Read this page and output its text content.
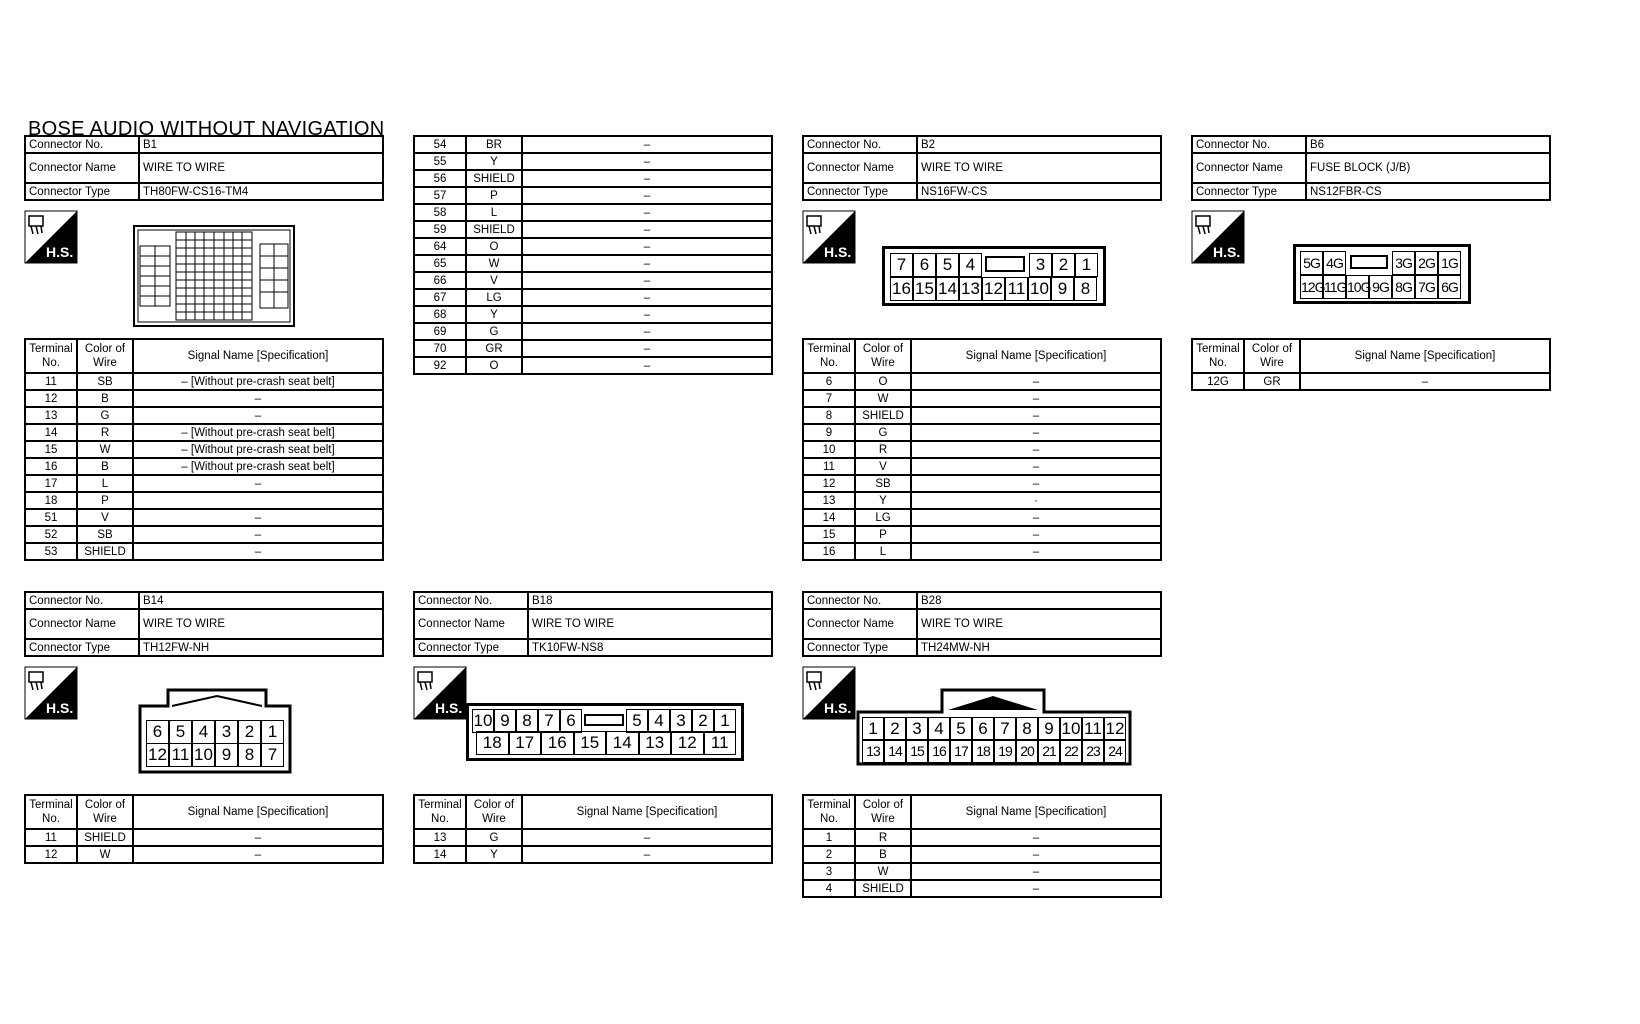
BOSE AUDIO WITHOUT NAVIGATION
Connector No.	B1
Connector Name	WIRE TO WIRE
Connector Type	TH80FW-CS16-TM4
H.S.
Terminal No.	Color of Wire	Signal Name [Specification]
11	SB	– [Without pre-crash seat belt]
12	B	–
13	G	–
14	R	– [Without pre-crash seat belt]
15	W	– [Without pre-crash seat belt]
16	B	– [Without pre-crash seat belt]
17	L	–
18	P	
51	V	–
52	SB	–
53	SHIELD	–
54	BR	–
55	Y	–
56	SHIELD	–
57	P	–
58	L	–
59	SHIELD	–
64	O	–
65	W	–
66	V	–
67	LG	–
68	Y	–
69	G	–
70	GR	–
92	O	–
Connector No.	B2
Connector Name	WIRE TO WIRE
Connector Type	NS16FW-CS
H.S.
7 6 5 4	3 2 1
16 15 14 13 12 11 10 9 8
Terminal No.	Color of Wire	Signal Name [Specification]
6	O	–
7	W	–
8	SHIELD	–
9	G	–
10	R	–
11	V	–
12	SB	–
13	Y	·
14	LG	–
15	P	–
16	L	–
Connector No.	B6
Connector Name	FUSE BLOCK (J/B)
Connector Type	NS12FBR-CS
H.S.
5G 4G	3G 2G 1G
12G 11G 10G 9G 8G 7G 6G
Terminal No.	Color of Wire	Signal Name [Specification]
12G	GR	–
Connector No.	B14
Connector Name	WIRE TO WIRE
Connector Type	TH12FW-NH
H.S.
6 5 4 3 2 1
12 11 10 9 8 7
Terminal No.	Color of Wire	Signal Name [Specification]
11	SHIELD	–
12	W	–
Connector No.	B18
Connector Name	WIRE TO WIRE
Connector Type	TK10FW-NS8
H.S.
10 9 8 7 6	5 4 3 2 1
18 17 16 15 14 13 12 11
Terminal No.	Color of Wire	Signal Name [Specification]
13	G	–
14	Y	–
Connector No.	B28
Connector Name	WIRE TO WIRE
Connector Type	TH24MW-NH
H.S.
1 2 3 4 5 6 7 8 9 10 11 12
13 14 15 16 17 18 19 20 21 22 23 24
Terminal No.	Color of Wire	Signal Name [Specification]
1	R	–
2	B	–
3	W	–
4	SHIELD	–
